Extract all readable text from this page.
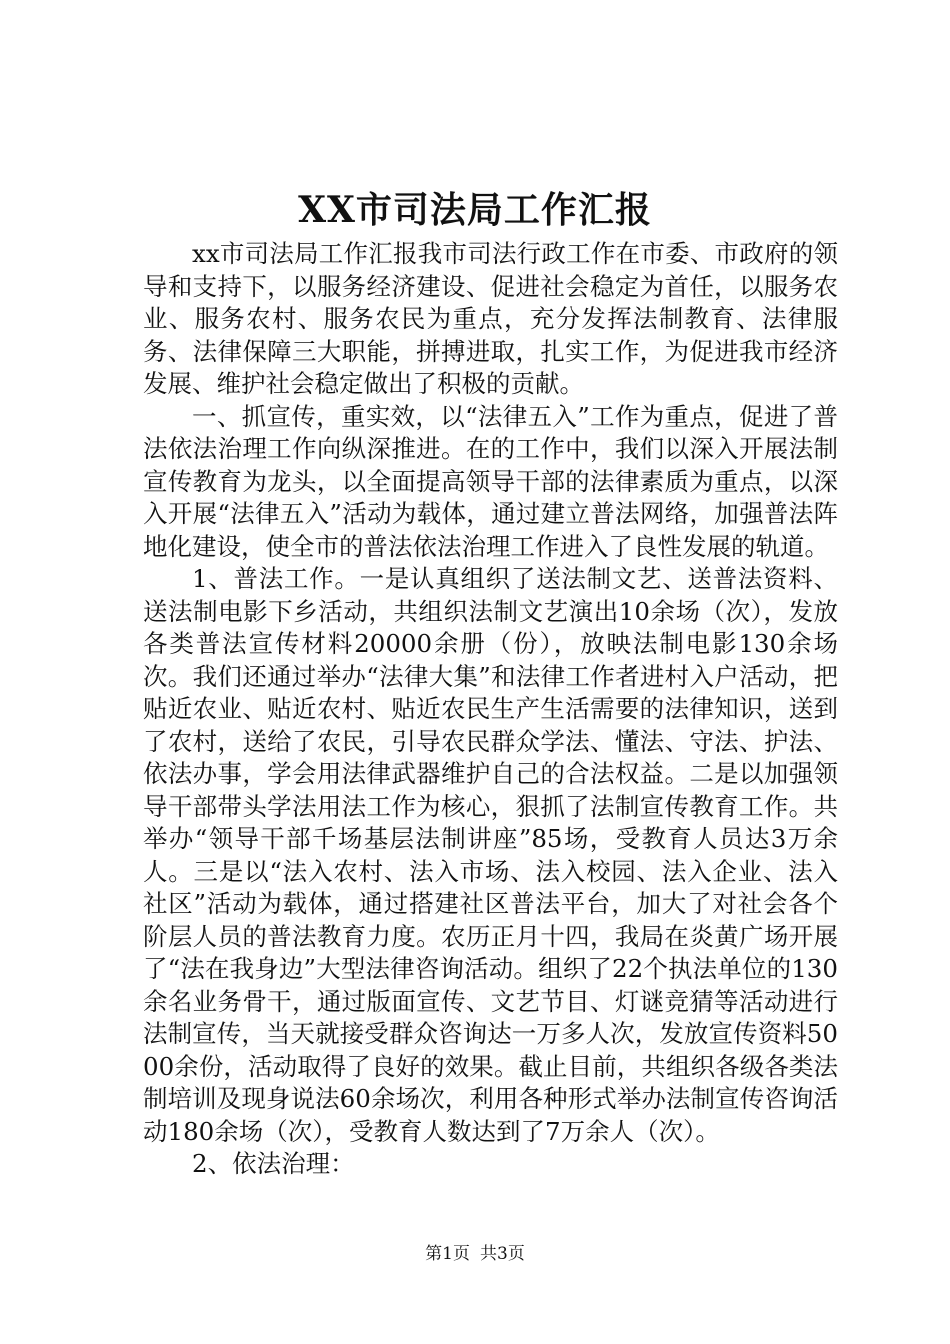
XX市司法局工作汇报

xx市司法局工作汇报我市司法行政工作在市委、市政府的领导和支持下，以服务经济建设、促进社会稳定为首任，以服务农业、服务农村、服务农民为重点，充分发挥法制教育、法律服务、法律保障三大职能，拼搏进取，扎实工作，为促进我市经济发展、维护社会稳定做出了积极的贡献。

一、抓宣传，重实效，以“法律五入”工作为重点，促进了普法依法治理工作向纵深推进。在的工作中，我们以深入开展法制宣传教育为龙头，以全面提高领导干部的法律素质为重点，以深入开展“法律五入”活动为载体，通过建立普法网络，加强普法阵地化建设，使全市的普法依法治理工作进入了良性发展的轨道。

1、普法工作。一是认真组织了送法制文艺、送普法资料、送法制电影下乡活动，共组织法制文艺演出10余场（次），发放各类普法宣传材料20000余册（份），放映法制电影130余场次。我们还通过举办“法律大集”和法律工作者进村入户活动，把贴近农业、贴近农村、贴近农民生产生活需要的法律知识，送到了农村，送给了农民，引导农民群众学法、懂法、守法、护法、依法办事，学会用法律武器维护自己的合法权益。二是以加强领导干部带头学法用法工作为核心，狠抓了法制宣传教育工作。共举办“领导干部千场基层法制讲座”85场，受教育人员达3万余人。三是以“法入农村、法入市场、法入校园、法入企业、法入社区”活动为载体，通过搭建社区普法平台，加大了对社会各个阶层人员的普法教育力度。农历正月十四，我局在炎黄广场开展了“法在我身边”大型法律咨询活动。组织了22个执法单位的130余名业务骨干，通过版面宣传、文艺节目、灯谜竞猜等活动进行法制宣传，当天就接受群众咨询达一万多人次，发放宣传资料5000余份，活动取得了良好的效果。截止目前，共组织各级各类法制培训及现身说法60余场次，利用各种形式举办法制宣传咨询活动180余场（次），受教育人数达到了7万余人（次）。

2、依法治理：

第1页 共3页
